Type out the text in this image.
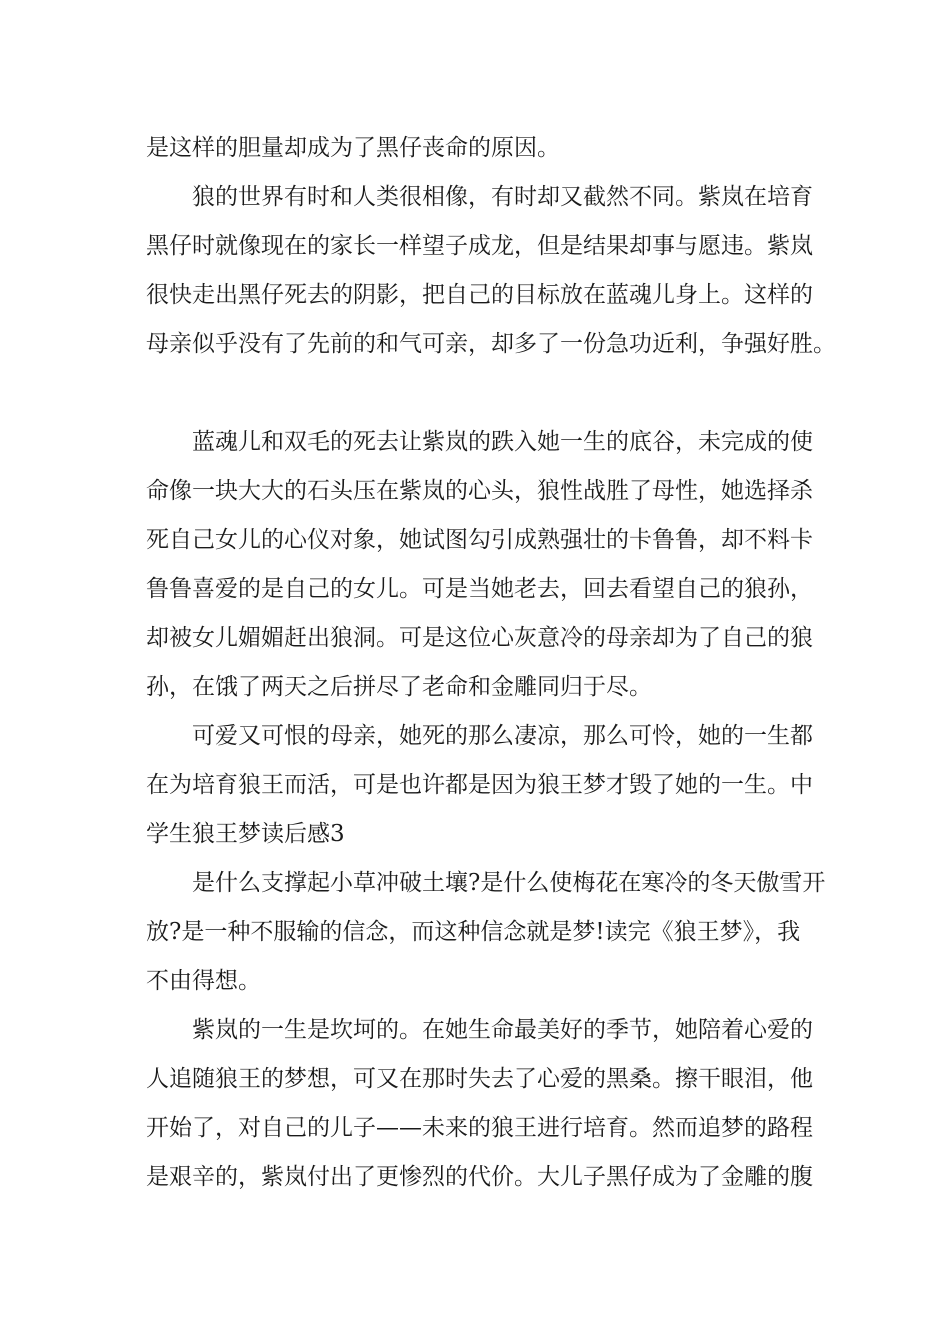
是这样的胆量却成为了黑仔丧命的原因。
狼的世界有时和人类很相像，有时却又截然不同。紫岚在培育
黑仔时就像现在的家长一样望子成龙，但是结果却事与愿违。紫岚
很快走出黑仔死去的阴影，把自己的目标放在蓝魂儿身上。这样的
母亲似乎没有了先前的和气可亲，却多了一份急功近利，争强好胜。
蓝魂儿和双毛的死去让紫岚的跌入她一生的底谷，未完成的使
命像一块大大的石头压在紫岚的心头，狼性战胜了母性，她选择杀
死自己女儿的心仪对象，她试图勾引成熟强壮的卡鲁鲁，却不料卡
鲁鲁喜爱的是自己的女儿。可是当她老去，回去看望自己的狼孙，
却被女儿媚媚赶出狼洞。可是这位心灰意冷的母亲却为了自己的狼
孙，在饿了两天之后拼尽了老命和金雕同归于尽。
可爱又可恨的母亲，她死的那么凄凉，那么可怜，她的一生都
在为培育狼王而活，可是也许都是因为狼王梦才毁了她的一生。中
学生狼王梦读后感3
是什么支撑起小草冲破土壤?是什么使梅花在寒冷的冬天傲雪开
放?是一种不服输的信念，而这种信念就是梦!读完《狼王梦》，我
不由得想。
紫岚的一生是坎坷的。在她生命最美好的季节，她陪着心爱的
人追随狼王的梦想，可又在那时失去了心爱的黑桑。擦干眼泪，他
开始了，对自己的儿子——未来的狼王进行培育。然而追梦的路程
是艰辛的，紫岚付出了更惨烈的代价。大儿子黑仔成为了金雕的腹
